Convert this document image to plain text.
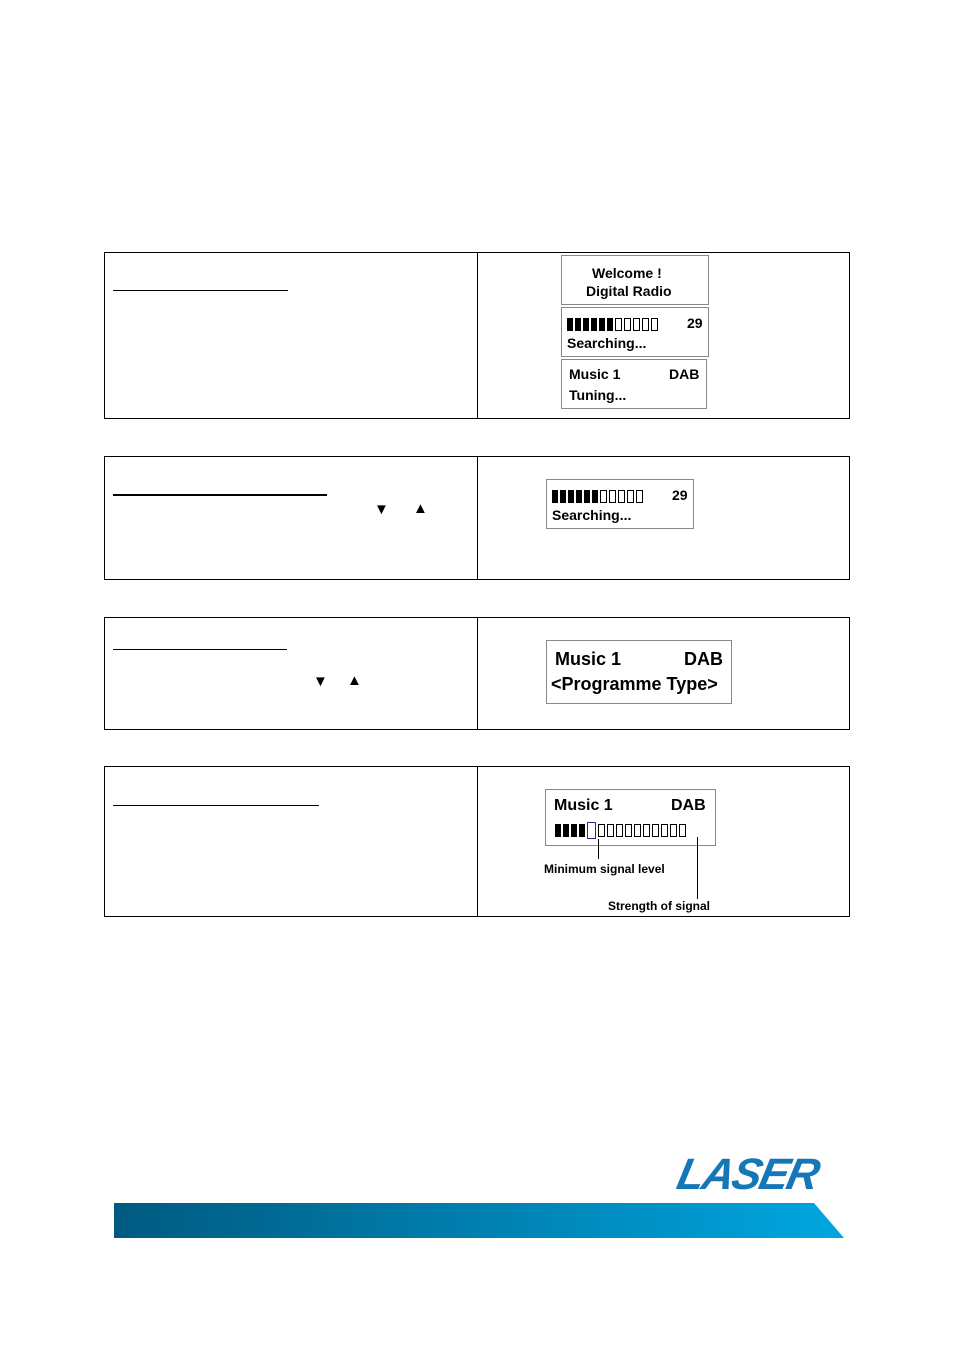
Welcome !
Digital Radio
29
Searching...
Music 1	DAB
Tuning...
▼ ▲
29
Searching...
▼ ▲
Music 1	DAB
<Programme Type>
Music 1	DAB
Minimum signal level
Strength of signal
LASER
